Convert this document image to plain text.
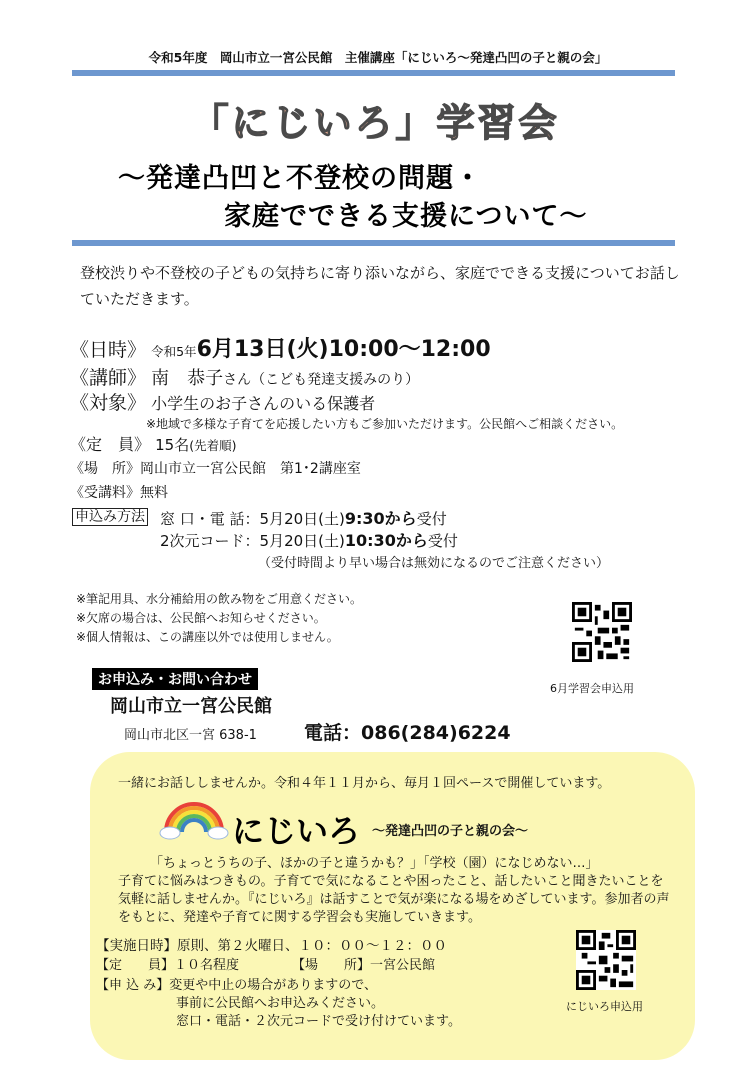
令和5年度　岡山市立一宮公民館　主催講座「にじいろ～発達凸凹の子と親の会」
「にじいろ」学習会
～発達凸凹と不登校の問題・
家庭でできる支援について～
登校渋りや不登校の子どもの気持ちに寄り添いながら、家庭でできる支援についてお話していただきます。
《日時》 令和5年6月13日(火)10:00～12:00
《講師》 南　恭子さん（こども発達支援みのり）
《対象》 小学生のお子さんのいる保護者
※地域で多様な子育てを応援したい方もご参加いただけます。公民館へご相談ください。
《定　員》 15名(先着順)
《場　所》岡山市立一宮公民館　第1･2講座室
《受講料》無料
申込み方法 窓 口・電 話：5月20日(土)9:30から受付
2次元コード：5月20日(土)10:30から受付
（受付時間より早い場合は無効になるのでご注意ください）
※筆記用具、水分補給用の飲み物をご用意ください。
※欠席の場合は、公民館へお知らせください。
※個人情報は、この講座以外では使用しません。
6月学習会申込用
お申込み・お問い合わせ
岡山市立一宮公民館
岡山市北区一宮 638-1 電話：086(284)6224
一緒にお話ししませんか。令和４年１１月から、毎月１回ペースで開催しています。
にじいろ ～発達凸凹の子と親の会～
「ちょっとうちの子、ほかの子と違うかも？」「学校（園）になじめない…」
子育てに悩みはつきもの。子育てで気になることや困ったこと、話したいこと聞きたいことを
気軽に話しませんか。『にじいろ』は話すことで気が楽になる場をめざしています。参加者の声
をもとに、発達や子育てに関する学習会も実施していきます。
【実施日時】原則、第２火曜日、１０：００～１２：００
【定　　員】１０名程度	【場　　所】一宮公民館
【申 込 み】変更や中止の場合がありますので、
事前に公民館へお申込みください。
窓口・電話・２次元コードで受け付けています。
にじいろ申込用
